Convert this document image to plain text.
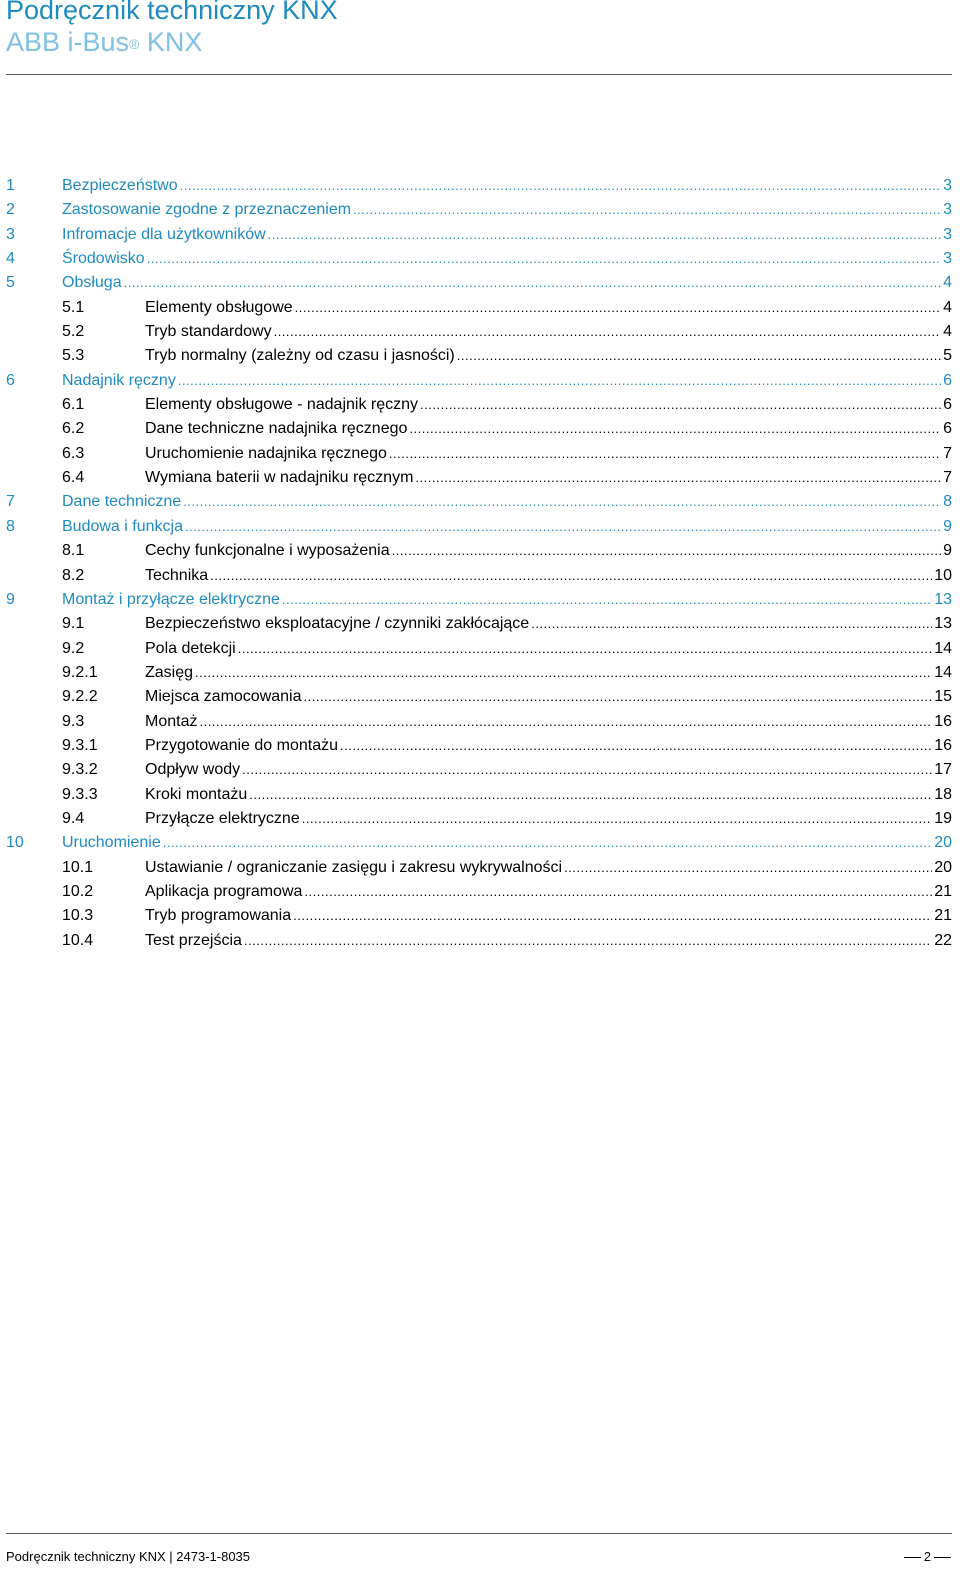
Podręcznik techniczny KNX
ABB i-Bus® KNX
1	Bezpieczeństwo .....	3
2	Zastosowanie zgodne z przeznaczeniem .....	3
3	Infromacje dla użytkowników .....	3
4	Środowisko .....	3
5	Obsługa .....	4
5.1	Elementy obsługowe .....	4
5.2	Tryb standardowy .....	4
5.3	Tryb normalny (zależny od czasu i jasności) .....	5
6	Nadajnik ręczny .....	6
6.1	Elementy obsługowe - nadajnik ręczny .....	6
6.2	Dane techniczne nadajnika ręcznego .....	6
6.3	Uruchomienie nadajnika ręcznego .....	7
6.4	Wymiana baterii w nadajniku ręcznym .....	7
7	Dane techniczne .....	8
8	Budowa i funkcja .....	9
8.1	Cechy funkcjonalne i wyposażenia .....	9
8.2	Technika .....	10
9	Montaż i przyłącze elektryczne .....	13
9.1	Bezpieczeństwo eksploatacyjne / czynniki zakłócające .....	13
9.2	Pola detekcji .....	14
9.2.1	Zasięg .....	14
9.2.2	Miejsca zamocowania .....	15
9.3	Montaż .....	16
9.3.1	Przygotowanie do montażu .....	16
9.3.2	Odpływ wody .....	17
9.3.3	Kroki montażu .....	18
9.4	Przyłącze elektryczne .....	19
10 Uruchomienie .....	20
10.1	Ustawianie / ograniczanie zasięgu i zakresu wykrywalności .....	20
10.2	Aplikacja programowa .....	21
10.3	Tryb programowania .....	21
10.4	Test przejścia .....	22
Podręcznik techniczny KNX | 2473-1-8035	2
